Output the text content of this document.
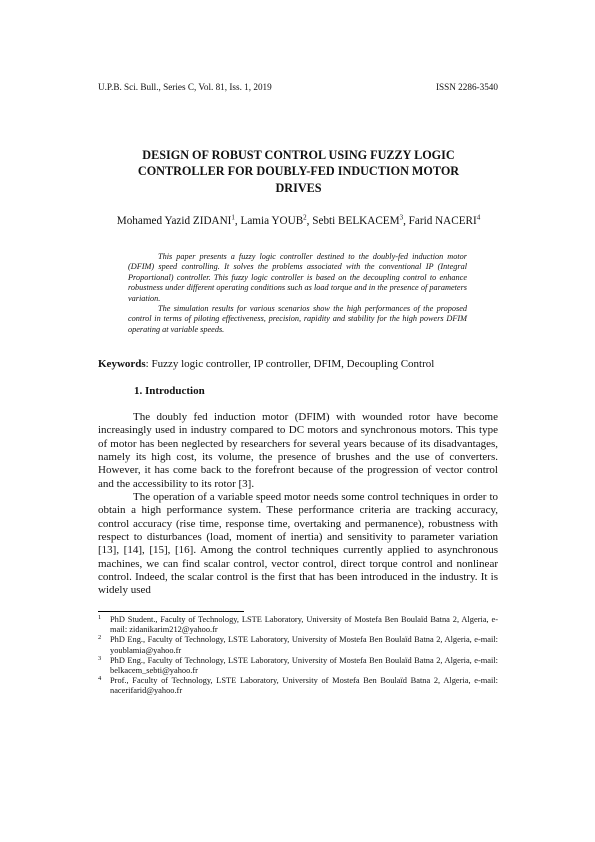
U.P.B. Sci. Bull., Series C, Vol. 81, Iss. 1, 2019	ISSN 2286-3540
DESIGN OF ROBUST CONTROL USING FUZZY LOGIC
CONTROLLER FOR DOUBLY-FED INDUCTION MOTOR
DRIVES
Mohamed Yazid ZIDANI$^1$, Lamia YOUB$^2$, Sebti BELKACEM$^3$, Farid NACERI$^4$

This paper presents a fuzzy logic controller destined to the doubly-fed induction motor (DFIM) speed controlling. It solves the problems associated with the conventional IP (Integral Proportional) controller. This fuzzy logic controller is based on the decoupling control to enhance robustness under different operating conditions such as load torque and in the presence of parameters variation.

The simulation results for various scenarios show the high performances of the proposed control in terms of piloting effectiveness, precision, rapidity and stability for the high powers DFIM operating at variable speeds.

Keywords: Fuzzy logic controller, IP controller, DFIM, Decoupling Control
1. Introduction

The doubly fed induction motor (DFIM) with wounded rotor have become increasingly used in industry compared to DC motors and synchronous motors. This type of motor has been neglected by researchers for several years because of its disadvantages, namely its high cost, its volume, the presence of brushes and the use of converters. However, it has come back to the forefront because of the progression of vector control and the accessibility to its rotor [3].

The operation of a variable speed motor needs some control techniques in order to obtain a high performance system. These performance criteria are tracking accuracy, control accuracy (rise time, response time, overtaking and permanence), robustness with respect to disturbances (load, moment of inertia) and sensitivity to parameter variation [13], [14], [15], [16]. Among the control techniques currently applied to asynchronous machines, we can find scalar control, vector control, direct torque control and nonlinear control. Indeed, the scalar control is the first that has been introduced in the industry. It is widely used

1 PhD Student., Faculty of Technology, LSTE Laboratory, University of Mostefa Ben Boulaïd Batna 2, Algeria, e-mail: zidanikarim212@yahoo.fr
2 PhD Eng., Faculty of Technology, LSTE Laboratory, University of Mostefa Ben Boulaïd Batna 2, Algeria, e-mail: youblamia@yahoo.fr
3 PhD Eng., Faculty of Technology, LSTE Laboratory, University of Mostefa Ben Boulaïd Batna 2, Algeria, e-mail: belkacem_sebti@yahoo.fr
4 Prof., Faculty of Technology, LSTE Laboratory, University of Mostefa Ben Boulaïd Batna 2, Algeria, e-mail: nacerifarid@yahoo.fr
